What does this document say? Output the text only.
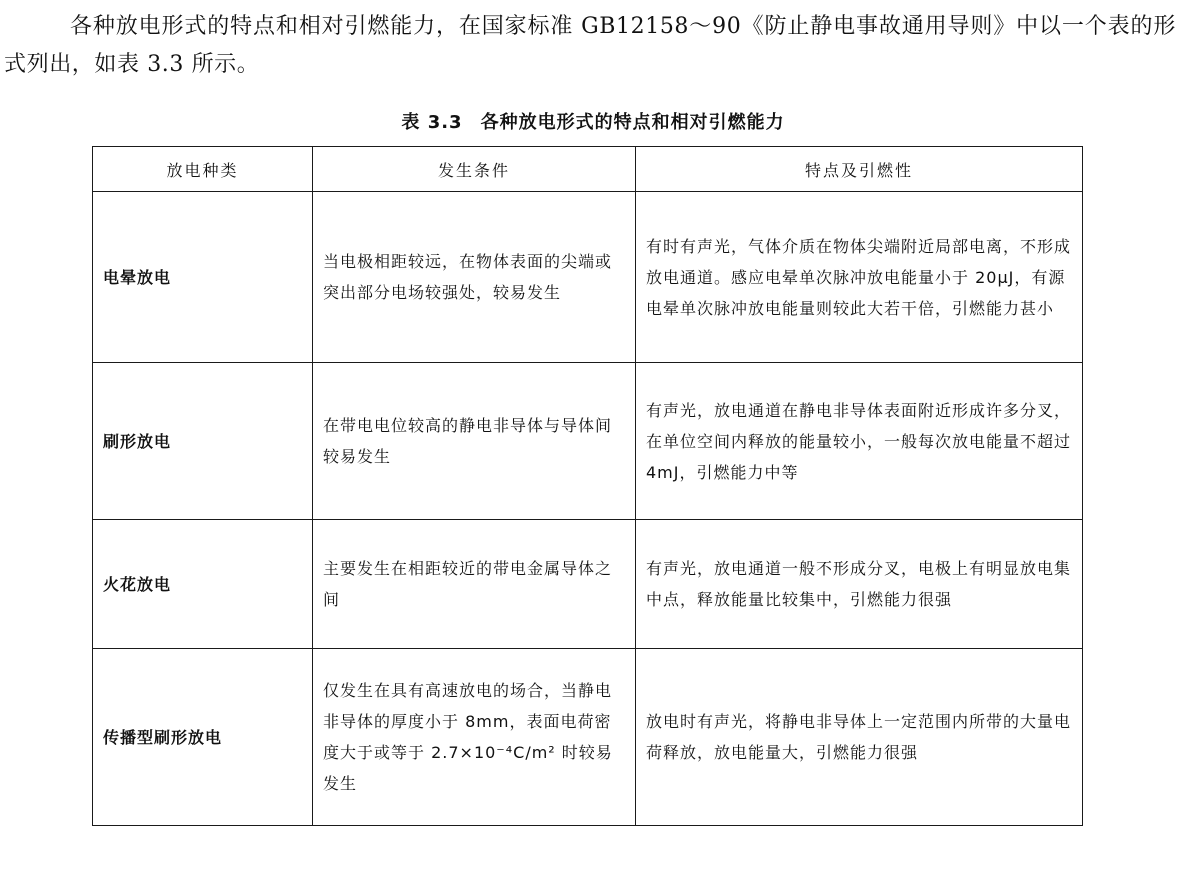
各种放电形式的特点和相对引燃能力，在国家标准 GB12158～90《防止静电事故通用导则》中以一个表的形式列出，如表 3.3 所示。

表 3.3 各种放电形式的特点和相对引燃能力
放电种类	发生条件	特点及引燃性
电晕放电	当电极相距较远，在物体表面的尖端或突出部分电场较强处，较易发生	有时有声光，气体介质在物体尖端附近局部电离，不形成放电通道。感应电晕单次脉冲放电能量小于 20μJ，有源电晕单次脉冲放电能量则较此大若干倍，引燃能力甚小
刷形放电	在带电电位较高的静电非导体与导体间较易发生	有声光，放电通道在静电非导体表面附近形成许多分叉，在单位空间内释放的能量较小，一般每次放电能量不超过 4mJ，引燃能力中等
火花放电	主要发生在相距较近的带电金属导体之间	有声光，放电通道一般不形成分叉，电极上有明显放电集中点，释放能量比较集中，引燃能力很强
传播型刷形放电	仅发生在具有高速放电的场合，当静电非导体的厚度小于 8mm，表面电荷密度大于或等于 2.7×10⁻⁴C/m² 时较易发生	放电时有声光，将静电非导体上一定范围内所带的大量电荷释放，放电能量大，引燃能力很强
